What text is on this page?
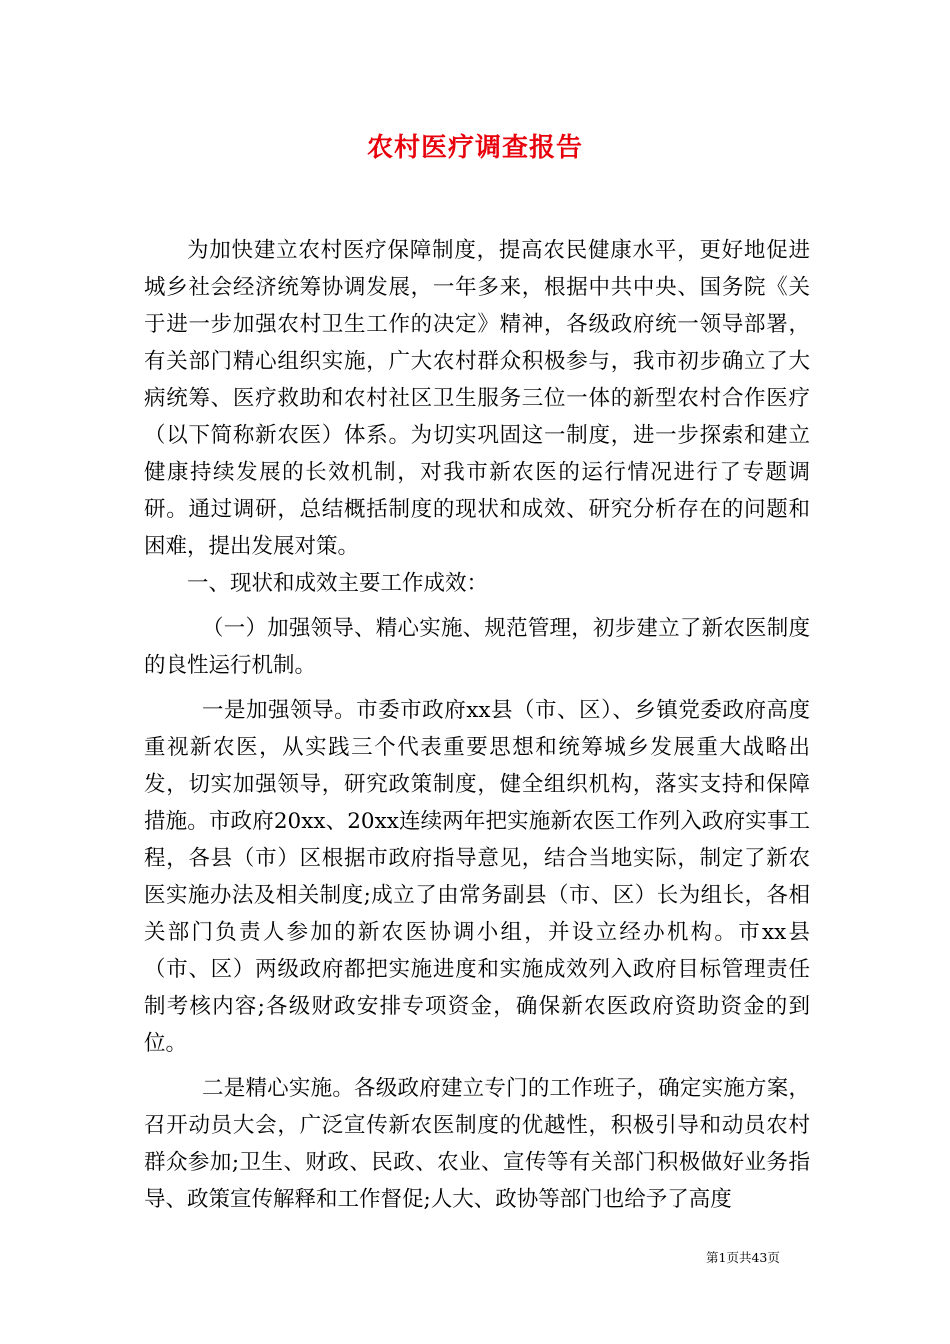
农村医疗调查报告

为加快建立农村医疗保障制度，提高农民健康水平，更好地促进城乡社会经济统筹协调发展，一年多来，根据中共中央、国务院《关于进一步加强农村卫生工作的决定》精神，各级政府统一领导部署，有关部门精心组织实施，广大农村群众积极参与，我市初步确立了大病统筹、医疗救助和农村社区卫生服务三位一体的新型农村合作医疗（以下简称新农医）体系。为切实巩固这一制度，进一步探索和建立健康持续发展的长效机制，对我市新农医的运行情况进行了专题调研。通过调研，总结概括制度的现状和成效、研究分析存在的问题和困难，提出发展对策。

一、现状和成效主要工作成效：

（一）加强领导、精心实施、规范管理，初步建立了新农医制度的良性运行机制。

一是加强领导。市委市政府xx县（市、区）、乡镇党委政府高度重视新农医，从实践三个代表重要思想和统筹城乡发展重大战略出发，切实加强领导，研究政策制度，健全组织机构，落实支持和保障措施。市政府20xx、20xx连续两年把实施新农医工作列入政府实事工程，各县（市）区根据市政府指导意见，结合当地实际，制定了新农医实施办法及相关制度;成立了由常务副县（市、区）长为组长，各相关部门负责人参加的新农医协调小组，并设立经办机构。市xx县（市、区）两级政府都把实施进度和实施成效列入政府目标管理责任制考核内容;各级财政安排专项资金，确保新农医政府资助资金的到位。

二是精心实施。各级政府建立专门的工作班子，确定实施方案，召开动员大会，广泛宣传新农医制度的优越性，积极引导和动员农村群众参加;卫生、财政、民政、农业、宣传等有关部门积极做好业务指导、政策宣传解释和工作督促;人大、政协等部门也给予了高度

第1页共43页
